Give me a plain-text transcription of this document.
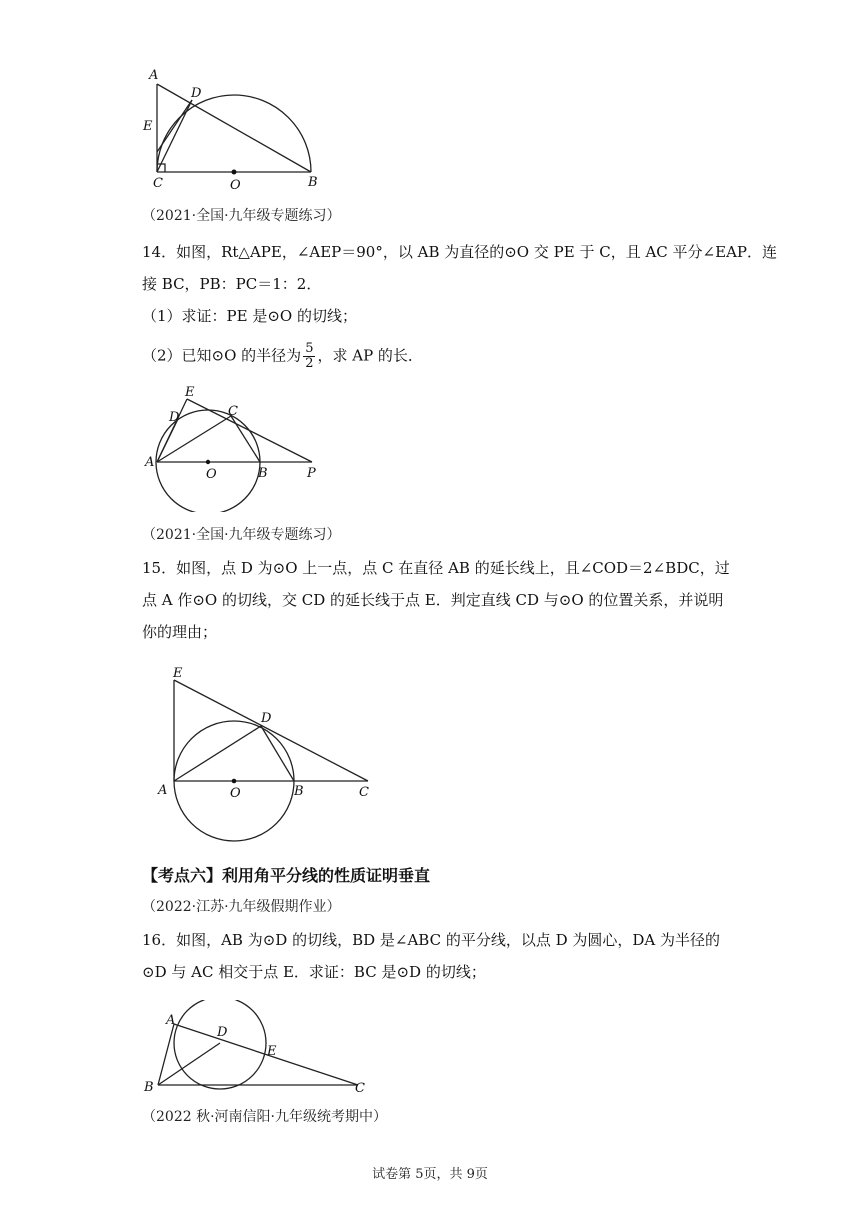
A
D
E
C	O	B
（2021·全国·九年级专题练习）
14．如图，Rt△APE，∠AEP＝90°，以 AB 为直径的⊙O 交 PE 于 C，且 AC 平分∠EAP．连
接 BC，PB：PC＝1：2．
（1）求证：PE 是⊙O 的切线；
（2）已知⊙O 的半径为 $\frac{5}{2}$ ，求 AP 的长．
E
D	C
A
O	B	P
（2021·全国·九年级专题练习）
15．如图，点 D 为⊙O 上一点，点 C 在直径 AB 的延长线上，且∠COD＝2∠BDC，过
点 A 作⊙O 的切线，交 CD 的延长线于点 E．判定直线 CD 与⊙O 的位置关系，并说明
你的理由；
E
D
A	O	B	C
【考点六】利用角平分线的性质证明垂直
（2022·江苏·九年级假期作业）
16．如图，AB 为⊙D 的切线，BD 是∠ABC 的平分线，以点 D 为圆心，DA 为半径的
⊙D 与 AC 相交于点 E．求证：BC 是⊙D 的切线；
A
D
E
B	C
（2022 秋·河南信阳·九年级统考期中）
试卷第 5页，共 9页
